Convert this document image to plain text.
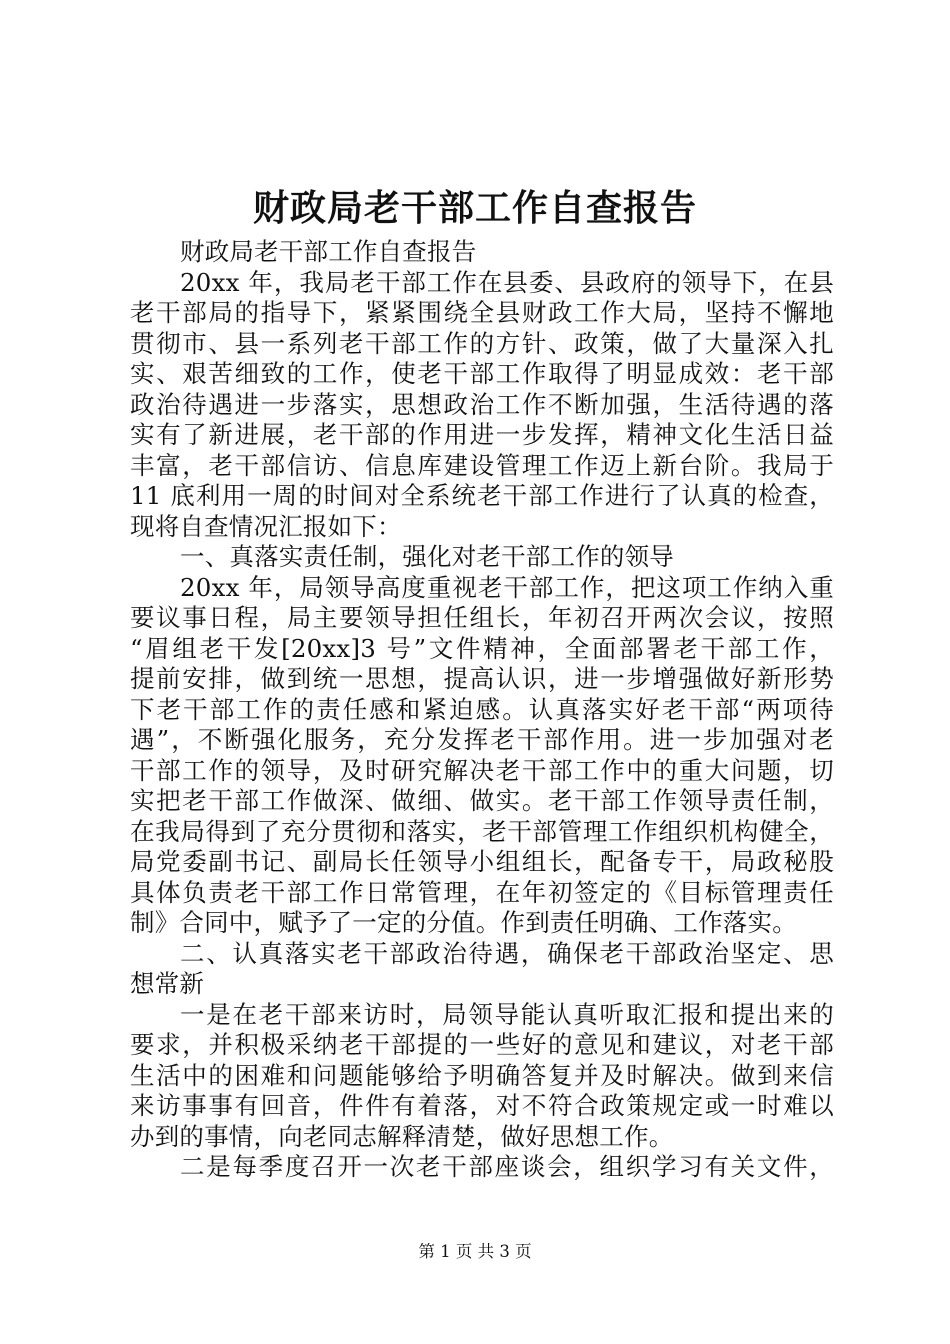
财政局老干部工作自查报告
财政局老干部工作自查报告
20xx 年，我局老干部工作在县委、县政府的领导下，在县
老干部局的指导下，紧紧围绕全县财政工作大局，坚持不懈地
贯彻市、县一系列老干部工作的方针、政策，做了大量深入扎
实、艰苦细致的工作，使老干部工作取得了明显成效：老干部
政治待遇进一步落实，思想政治工作不断加强，生活待遇的落
实有了新进展，老干部的作用进一步发挥，精神文化生活日益
丰富，老干部信访、信息库建设管理工作迈上新台阶。我局于
11 底利用一周的时间对全系统老干部工作进行了认真的检查，
现将自查情况汇报如下：
一、真落实责任制，强化对老干部工作的领导
20xx 年，局领导高度重视老干部工作，把这项工作纳入重
要议事日程，局主要领导担任组长，年初召开两次会议，按照
“眉组老干发[20xx]3 号”文件精神，全面部署老干部工作，
提前安排，做到统一思想，提高认识，进一步增强做好新形势
下老干部工作的责任感和紧迫感。认真落实好老干部“两项待
遇”，不断强化服务，充分发挥老干部作用。进一步加强对老
干部工作的领导，及时研究解决老干部工作中的重大问题，切
实把老干部工作做深、做细、做实。老干部工作领导责任制，
在我局得到了充分贯彻和落实，老干部管理工作组织机构健全，
局党委副书记、副局长任领导小组组长，配备专干，局政秘股
具体负责老干部工作日常管理，在年初签定的《目标管理责任
制》合同中，赋予了一定的分值。作到责任明确、工作落实。
二、认真落实老干部政治待遇，确保老干部政治坚定、思
想常新
一是在老干部来访时，局领导能认真听取汇报和提出来的
要求，并积极采纳老干部提的一些好的意见和建议，对老干部
生活中的困难和问题能够给予明确答复并及时解决。做到来信
来访事事有回音，件件有着落，对不符合政策规定或一时难以
办到的事情，向老同志解释清楚，做好思想工作。
二是每季度召开一次老干部座谈会，组织学习有关文件，
第 1 页 共 3 页
